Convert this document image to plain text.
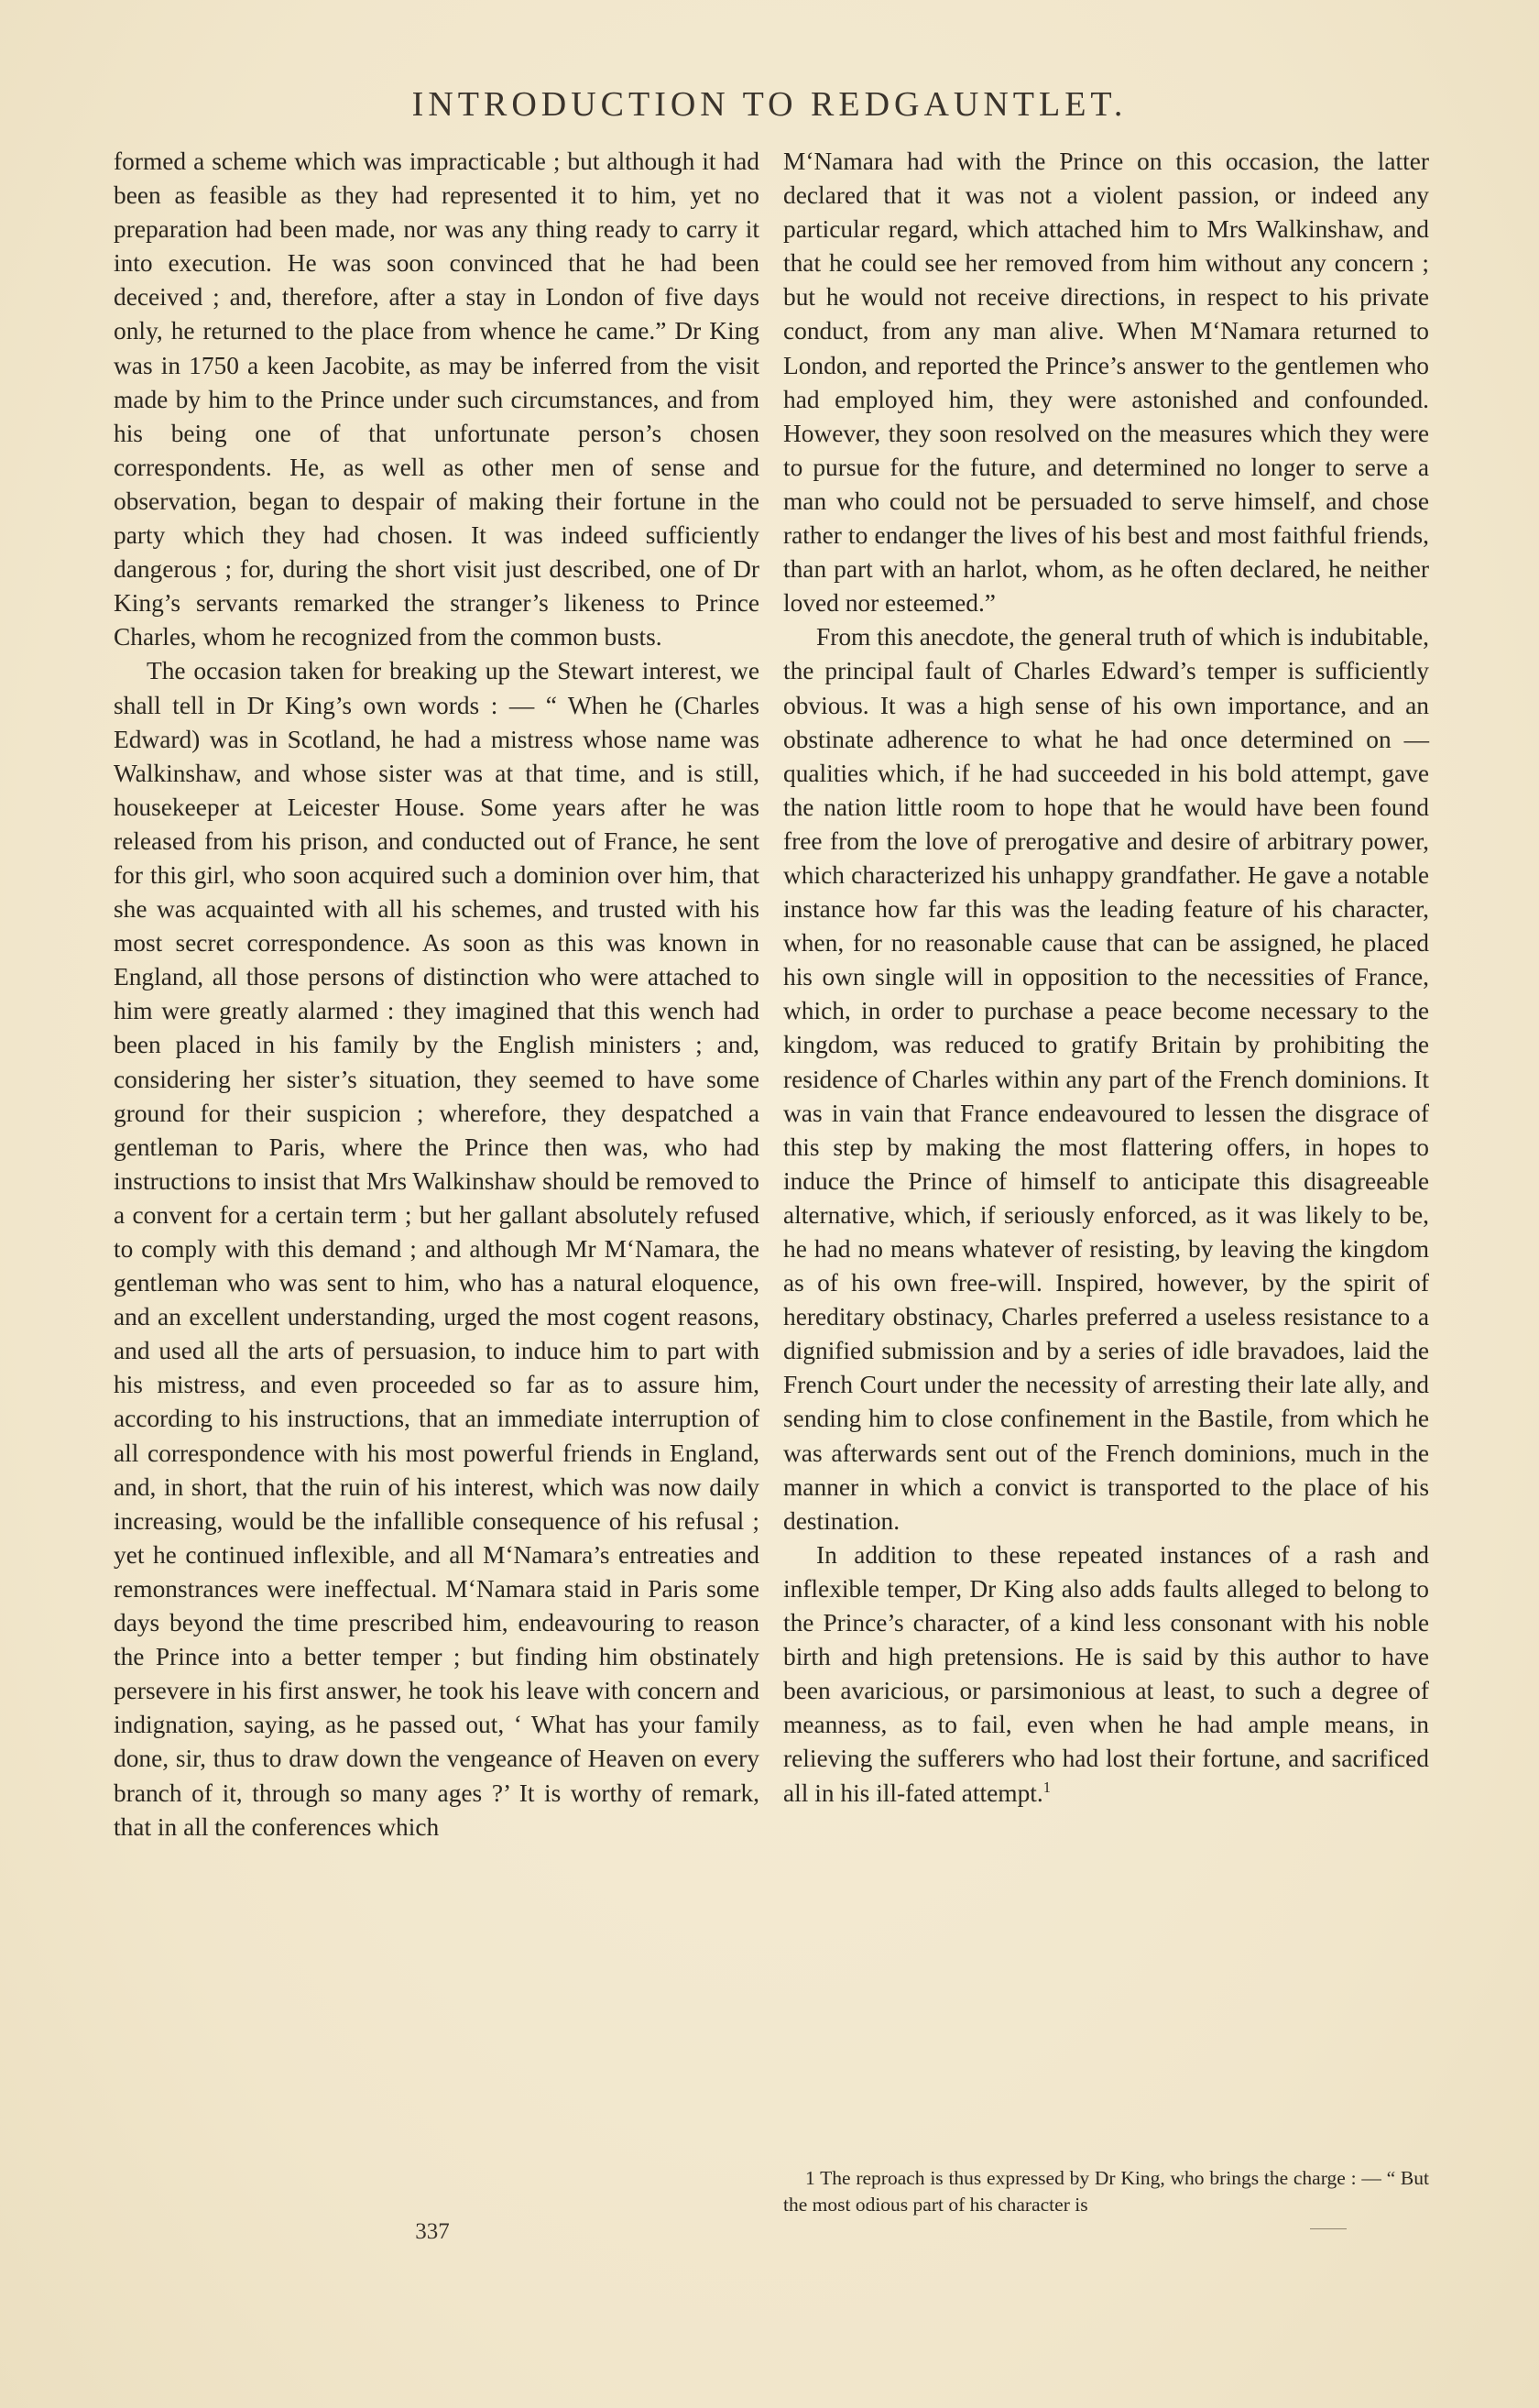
INTRODUCTION TO REDGAUNTLET.

formed a scheme which was impracticable ; but although it had been as feasible as they had represented it to him, yet no preparation had been made, nor was any thing ready to carry it into execution. He was soon convinced that he had been deceived ; and, therefore, after a stay in London of five days only, he returned to the place from whence he came.” Dr King was in 1750 a keen Jacobite, as may be inferred from the visit made by him to the Prince under such circumstances, and from his being one of that unfortunate person’s chosen correspondents. He, as well as other men of sense and observation, began to despair of making their fortune in the party which they had chosen. It was indeed sufficiently dangerous ; for, during the short visit just described, one of Dr King’s servants remarked the stranger’s likeness to Prince Charles, whom he recognized from the common busts.

The occasion taken for breaking up the Stewart interest, we shall tell in Dr King’s own words : — “ When he (Charles Edward) was in Scotland, he had a mistress whose name was Walkinshaw, and whose sister was at that time, and is still, housekeeper at Leicester House. Some years after he was released from his prison, and conducted out of France, he sent for this girl, who soon acquired such a dominion over him, that she was acquainted with all his schemes, and trusted with his most secret correspondence. As soon as this was known in England, all those persons of distinction who were attached to him were greatly alarmed : they imagined that this wench had been placed in his family by the English ministers ; and, considering her sister’s situation, they seemed to have some ground for their suspicion ; wherefore, they despatched a gentleman to Paris, where the Prince then was, who had instructions to insist that Mrs Walkinshaw should be removed to a convent for a certain term ; but her gallant absolutely refused to comply with this demand ; and although Mr M‘Namara, the gentleman who was sent to him, who has a natural eloquence, and an excellent understanding, urged the most cogent reasons, and used all the arts of persuasion, to induce him to part with his mistress, and even proceeded so far as to assure him, according to his instructions, that an immediate interruption of all correspondence with his most powerful friends in England, and, in short, that the ruin of his interest, which was now daily increasing, would be the infallible consequence of his refusal ; yet he continued inflexible, and all M‘Namara’s entreaties and remonstrances were ineffectual. M‘Namara staid in Paris some days beyond the time prescribed him, endeavouring to reason the Prince into a better temper ; but finding him obstinately persevere in his first answer, he took his leave with concern and indignation, saying, as he passed out, ‘ What has your family done, sir, thus to draw down the vengeance of Heaven on every branch of it, through so many ages ?’ It is worthy of remark, that in all the conferences which

M‘Namara had with the Prince on this occasion, the latter declared that it was not a violent passion, or indeed any particular regard, which attached him to Mrs Walkinshaw, and that he could see her removed from him without any concern ; but he would not receive directions, in respect to his private conduct, from any man alive. When M‘Namara returned to London, and reported the Prince’s answer to the gentlemen who had employed him, they were astonished and confounded. However, they soon resolved on the measures which they were to pursue for the future, and determined no longer to serve a man who could not be persuaded to serve himself, and chose rather to endanger the lives of his best and most faithful friends, than part with an harlot, whom, as he often declared, he neither loved nor esteemed.”

From this anecdote, the general truth of which is indubitable, the principal fault of Charles Edward’s temper is sufficiently obvious. It was a high sense of his own importance, and an obstinate adherence to what he had once determined on — qualities which, if he had succeeded in his bold attempt, gave the nation little room to hope that he would have been found free from the love of prerogative and desire of arbitrary power, which characterized his unhappy grandfather. He gave a notable instance how far this was the leading feature of his character, when, for no reasonable cause that can be assigned, he placed his own single will in opposition to the necessities of France, which, in order to purchase a peace become necessary to the kingdom, was reduced to gratify Britain by prohibiting the residence of Charles within any part of the French dominions. It was in vain that France endeavoured to lessen the disgrace of this step by making the most flattering offers, in hopes to induce the Prince of himself to anticipate this disagreeable alternative, which, if seriously enforced, as it was likely to be, he had no means whatever of resisting, by leaving the kingdom as of his own free-will. Inspired, however, by the spirit of hereditary obstinacy, Charles preferred a useless resistance to a dignified submission and by a series of idle bravadoes, laid the French Court under the necessity of arresting their late ally, and sending him to close confinement in the Bastile, from which he was afterwards sent out of the French dominions, much in the manner in which a convict is transported to the place of his destination.

In addition to these repeated instances of a rash and inflexible temper, Dr King also adds faults alleged to belong to the Prince’s character, of a kind less consonant with his noble birth and high pretensions. He is said by this author to have been avaricious, or parsimonious at least, to such a degree of meanness, as to fail, even when he had ample means, in relieving the sufferers who had lost their fortune, and sacrificed all in his ill-fated attempt.$^1$

1 The reproach is thus expressed by Dr King, who brings the charge : — “ But the most odious part of his character is

337
